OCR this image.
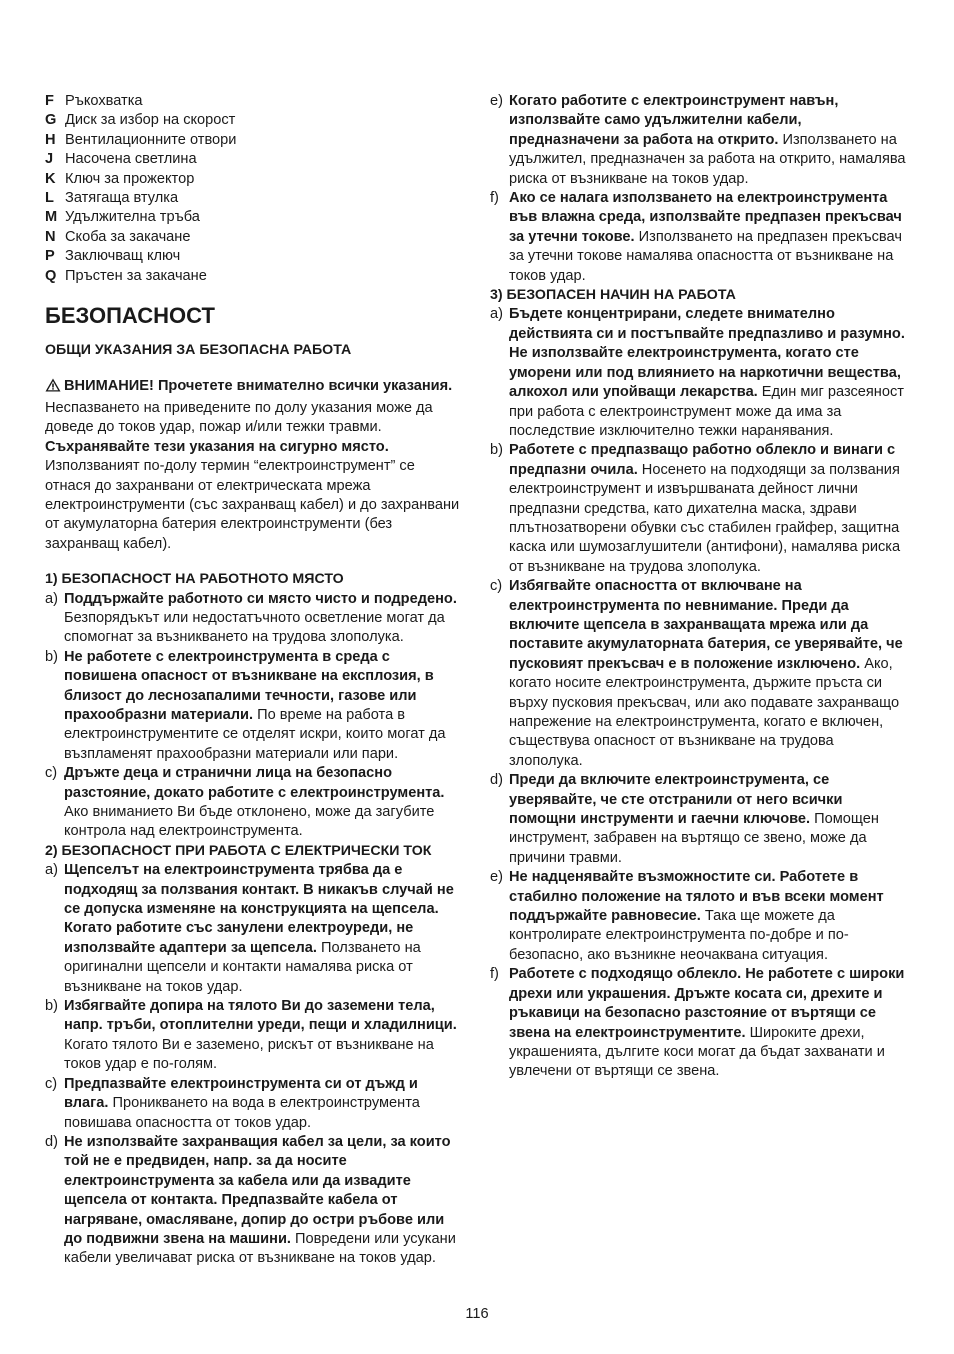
F Ръкохватка
G Диск за избор на скорост
H Вентилационните отвори
J Насочена светлина
K Ключ за прожектор
L Затягаща втулка
M Удължителна тръба
N Скоба за закачане
P Заключващ ключ
Q Пръстен за закачане
БЕЗОПАСНОСТ
ОБЩИ УКАЗАНИЯ ЗА БЕЗОПАСНА РАБОТА
ВНИМАНИЕ! Прочетете внимателно всички указания. Неспазването на приведените по долу указания може да доведе до токов удар, пожар и/или тежки травми. Съхранявайте тези указания на сигурно място. Използваният по-долу термин “електроинструмент” се отнася до захранвани от електрическата мрежа електроинструменти (със захранващ кабел) и до захранвани от акумулаторна батерия електроинструменти (без захранващ кабел).
1) БЕЗОПАСНОСТ НА РАБОТНОТО МЯСТО
a) Поддържайте работното си място чисто и подредено. Безпорядъкът или недостатъчното осветление могат да спомогнат за възникването на трудова злополука.
b) Не работете с електроинструмента в среда с повишена опасност от възникване на експлозия, в близост до леснозапалими течности, газове или прахообразни материали. По време на работа в електроинструментите се отделят искри, които могат да възпламенят прахообразни материали или пари.
c) Дръжте деца и странични лица на безопасно разстояние, докато работите с електроинструмента. Ако вниманието Ви бъде отклонено, може да загубите контрола над електроинструмента.
2) БЕЗОПАСНОСТ ПРИ РАБОТА С ЕЛЕКТРИЧЕСКИ ТОК
a) Щепселът на електроинструмента трябва да е подходящ за ползвания контакт. В никакъв случай не се допуска изменяне на конструкцията на щепсела. Когато работите със занулени електроуреди, не използвайте адаптери за щепсела. Ползването на оригинални щепсели и контакти намалява риска от възникване на токов удар.
b) Избягвайте допира на тялото Ви до заземени тела, напр. тръби, отоплителни уреди, пещи и хладилници. Когато тялото Ви е заземено, рискът от възникване на токов удар е по-голям.
c) Предпазвайте електроинструмента си от дъжд и влага. Проникването на вода в електроинструмента повишава опасността от токов удар.
d) Не използвайте захранващия кабел за цели, за които той не е предвиден, напр. за да носите електроинструмента за кабела или да извадите щепсела от контакта. Предпазвайте кабела от нагряване, омасляване, допир до остри ръбове или до подвижни звена на машини. Повредени или усукани кабели увеличават риска от възникване на токов удар.
e) Когато работите с електроинструмент навън, използвайте само удължителни кабели, предназначени за работа на открито. Използването на удължител, предназначен за работа на открито, намалява риска от възникване на токов удар.
f) Ако се налага използването на електроинструмента във влажна среда, използвайте предпазен прекъсвач за утечни токове. Използването на предпазен прекъсвач за утечни токове намалява опасността от възникване на токов удар.
3) БЕЗОПАСЕН НАЧИН НА РАБОТА
a) Бъдете концентрирани, следете внимателно действията си и постъпвайте предпазливо и разумно. Не използвайте електроинструмента, когато сте уморени или под влиянието на наркотични вещества, алкохол или упойващи лекарства. Един миг разсеяност при работа с електроинструмент може да има за последствие изключително тежки наранявания.
b) Работете с предпазващо работно облекло и винаги с предпазни очила. Носенето на подходящи за ползвания електроинструмент и извършваната дейност лични предпазни средства, като дихателна маска, здрави плътнозатворени обувки със стабилен грайфер, защитна каска или шумозаглушители (антифони), намалява риска от възникване на трудова злополука.
c) Избягвайте опасността от включване на електроинструмента по невнимание. Преди да включите щепсела в захранващата мрежа или да поставите акумулаторната батерия, се уверявайте, че пусковият прекъсвач е в положение изключено. Ако, когато носите електроинструмента, държите пръста си върху пусковия прекъсвач, или ако подавате захранващо напрежение на електроинструмента, когато е включен, съществува опасност от възникване на трудова злополука.
d) Преди да включите електроинструмента, се уверявайте, че сте отстранили от него всички помощни инструменти и гаечни ключове. Помощен инструмент, забравен на въртящо се звено, може да причини травми.
e) Не надценявайте възможностите си. Работете в стабилно положение на тялото и във всеки момент поддържайте равновесие. Така ще можете да контролирате електроинструмента по-добре и по-безопасно, ако възникне неочаквана ситуация.
f) Работете с подходящо облекло. Не работете с широки дрехи или украшения. Дръжте косата си, дрехите и ръкавици на безопасно разстояние от въртящи се звена на електроинструментите. Широките дрехи, украшенията, дългите коси могат да бъдат захванати и увлечени от въртящи се звена.
116
